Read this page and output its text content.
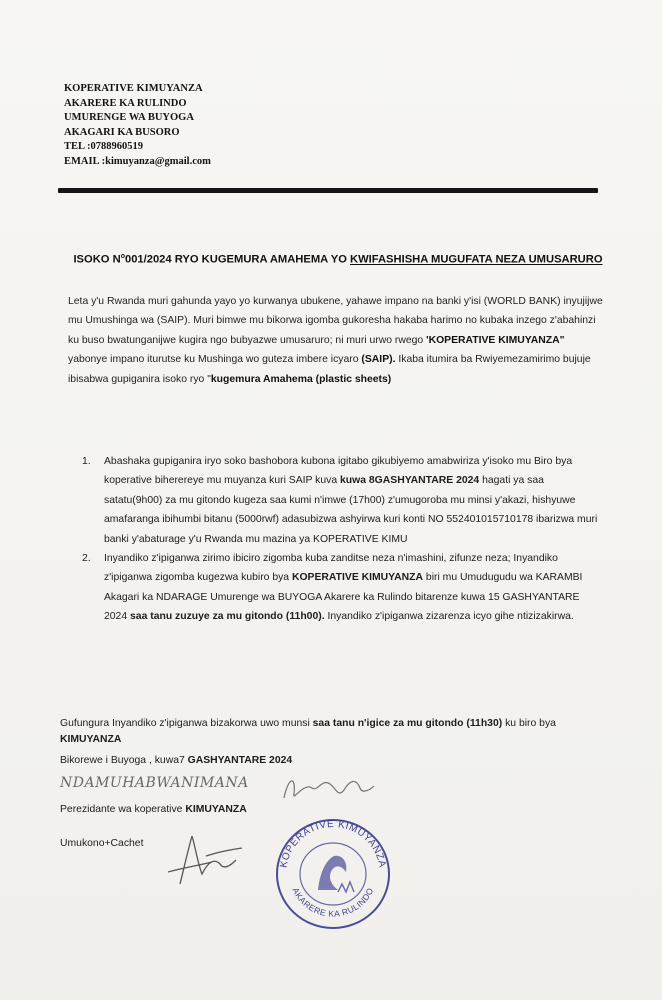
KOPERATIVE KIMUYANZA
AKARERE KA RULINDO
UMURENGE WA BUYOGA
AKAGARI KA BUSORO
TEL :0788960519
EMAIL :kimuyanza@gmail.com
ISOKO $N^o001/2024$ RYO KUGEMURA AMAHEMA YO KWIFASHISHA MUGUFATA NEZA UMUSARURO
Leta y'u Rwanda muri gahunda yayo yo kurwanya ubukene, yahawe impano na banki y'isi (WORLD BANK) inyujijwe mu Umushinga wa (SAIP). Muri bimwe mu bikorwa igomba gukoresha hakaba harimo no kubaka inzego z'abahinzi ku buso bwatunganijwe kugira ngo bubyazwe umusaruro; ni muri urwo rwego 'KOPERATIVE KIMUYANZA" yabonye impano iturutse ku Mushinga wo guteza imbere icyaro (SAIP). Ikaba itumira ba Rwiyemezamirimo bujuje ibisabwa gupiganira isoko ryo "kugemura Amahema (plastic sheets)
1. Abashaka gupiganira iryo soko bashobora kubona igitabo gikubiyemo amabwiriza y'isoko mu Biro bya koperative biherereye mu muyanza kuri SAIP kuva kuwa 8GASHYANTARE 2024 hagati ya saa satatu(9h00) za mu gitondo kugeza saa kumi n'imwe (17h00) z'umugoroba mu minsi y'akazi, hishyuwe amafaranga ibihumbi bitanu (5000rwf) adasubizwa ashyirwa kuri konti NO 552401015710178 ibarizwa muri banki y'abaturage y'u Rwanda mu mazina ya KOPERATIVE KIMU
2. Inyandiko z'ipiganwa zirimo ibiciro zigomba kuba zanditse neza n'imashini, zifunze neza; Inyandiko z'ipiganwa zigomba kugezwa kubiro bya KOPERATIVE KIMUYANZA biri mu Umudugudu wa KARAMBI Akagari ka NDARAGE Umurenge wa BUYOGA Akarere ka Rulindo bitarenze kuwa 15 GASHYANTARE 2024 saa tanu zuzuye za mu gitondo (11h00). Inyandiko z'ipiganwa zizarenza icyo gihe ntizizakirwa.
Gufungura Inyandiko z'ipiganwa bizakorwa uwo munsi saa tanu n'igice za mu gitondo (11h30) ku biro bya KIMUYANZA
Bikorewe i Buyoga , kuwa7 GASHYANTARE 2024
NDAMUHABWANIMANA
Perezidante wa koperative KIMUYANZA
Umukono+Cachet
KOPERATIVE KIMUYANZA
AKARERE KA RULINDO
